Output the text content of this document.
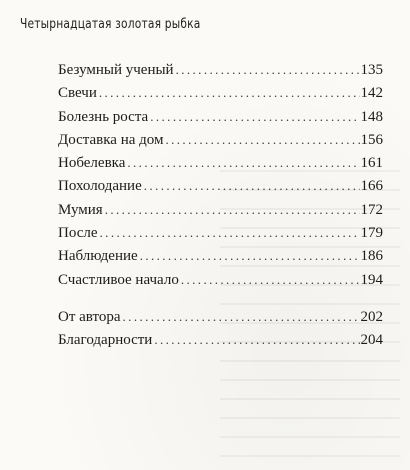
Четырнадцатая золотая рыбка
Безумный ученый .....	135
Свечи .....	142
Болезнь роста .....	148
Доставка на дом .....	156
Нобелевка .....	161
Похолодание .....	166
Мумия .....	172
После .....	179
Наблюдение .....	186
Счастливое начало .....	194
От автора .....	202
Благодарности .....	204
